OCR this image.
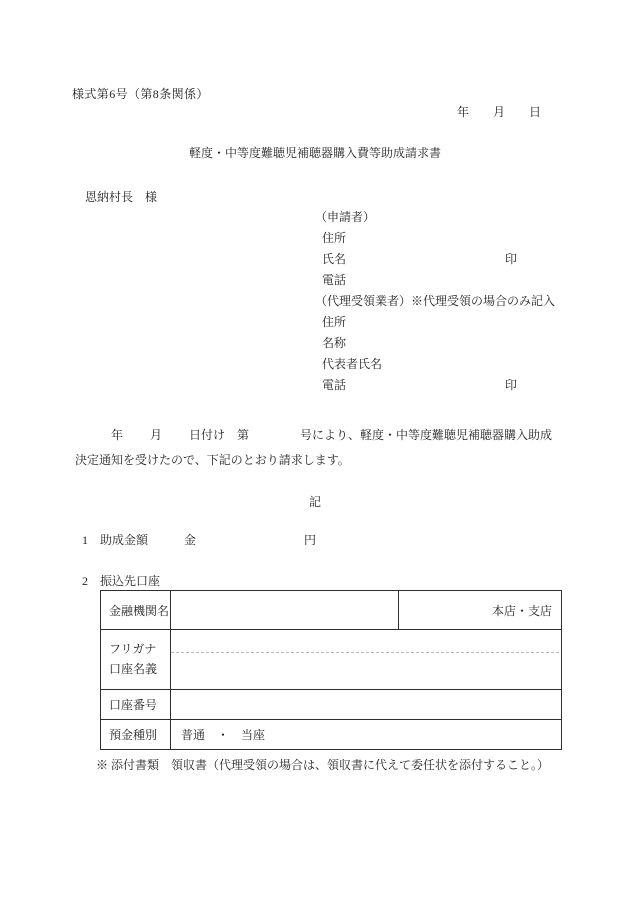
様式第6号（第8条関係）
年　　月　　日
軽度・中等度難聴児補聴器購入費等助成請求書
恩納村長　様
（申請者）
住所
氏名	印
電話
（代理受領業者）※代理受領の場合のみ記入
住所
名称
代表者氏名
電話	印
　　　年　　 月　　 日付け　第　　　　 号により、軽度・中等度難聴児補聴器購入助成
決定通知を受けたので、下記のとおり請求します。
記
1 助成金額	金	円
2 振込先口座
金融機関名	本店・支店
フリガナ
口座名義
口座番号
預金種別	普通　・　当座
※ 添付書類　領収書（代理受領の場合は、領収書に代えて委任状を添付すること。）
